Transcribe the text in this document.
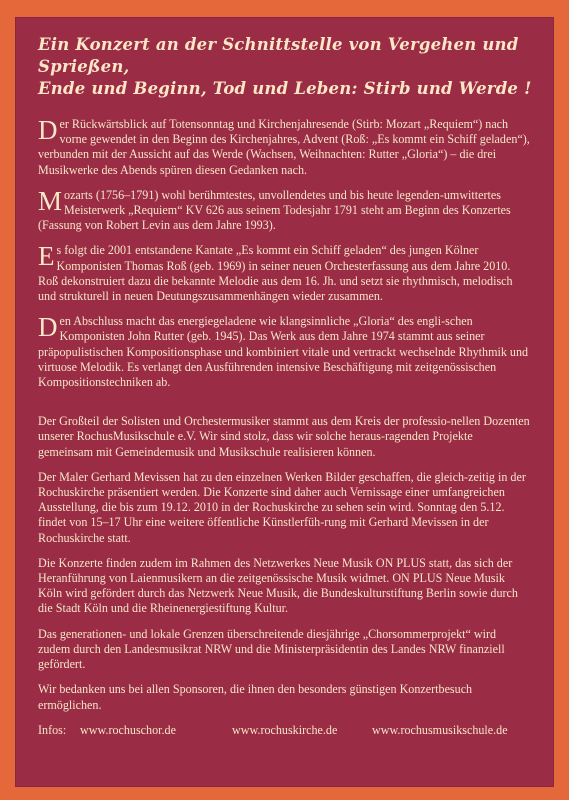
Ein Konzert an der Schnittstelle von Vergehen und Sprießen,
Ende und Beginn, Tod und Leben: Stirb und Werde !

Der Rückwärtsblick auf Totensonntag und Kirchenjahresende (Stirb: Mozart „Requiem“) nach vorne gewendet in den Beginn des Kirchenjahres, Advent (Roß: „Es kommt ein Schiff geladen“), verbunden mit der Aussicht auf das Werde (Wachsen, Weihnachten: Rutter „Gloria“) – die drei Musikwerke des Abends spüren diesen Gedanken nach.

Mozarts (1756–1791) wohl berühmtestes, unvollendetes und bis heute legenden-umwittertes Meisterwerk „Requiem“ KV 626 aus seinem Todesjahr 1791 steht am Beginn des Konzertes (Fassung von Robert Levin aus dem Jahre 1993).

Es folgt die 2001 entstandene Kantate „Es kommt ein Schiff geladen“ des jungen Kölner Komponisten Thomas Roß (geb. 1969) in seiner neuen Orchesterfassung aus dem Jahre 2010. Roß dekonstruiert dazu die bekannte Melodie aus dem 16. Jh. und setzt sie rhythmisch, melodisch und strukturell in neuen Deutungszusammenhängen wieder zusammen.

Den Abschluss macht das energiegeladene wie klangsinnliche „Gloria“ des engli-schen Komponisten John Rutter (geb. 1945). Das Werk aus dem Jahre 1974 stammt aus seiner präpopulistischen Kompositionsphase und kombiniert vitale und vertrackt wechselnde Rhythmik und virtuose Melodik. Es verlangt den Ausführenden intensive Beschäftigung mit zeitgenössischen Kompositionstechniken ab.

Der Großteil der Solisten und Orchestermusiker stammt aus dem Kreis der professio-nellen Dozenten unserer RochusMusikschule e.V. Wir sind stolz, dass wir solche heraus-ragenden Projekte gemeinsam mit Gemeindemusik und Musikschule realisieren können.

Der Maler Gerhard Mevissen hat zu den einzelnen Werken Bilder geschaffen, die gleich-zeitig in der Rochuskirche präsentiert werden. Die Konzerte sind daher auch Vernissage einer umfangreichen Ausstellung, die bis zum 19.12. 2010 in der Rochuskirche zu sehen sein wird. Sonntag den 5.12. findet von 15–17 Uhr eine weitere öffentliche Künstlerfüh-rung mit Gerhard Mevissen in der Rochuskirche statt.

Die Konzerte finden zudem im Rahmen des Netzwerkes Neue Musik ON PLUS statt, das sich der Heranführung von Laienmusikern an die zeitgenössische Musik widmet. ON PLUS Neue Musik Köln wird gefördert durch das Netzwerk Neue Musik, die Bundeskulturstiftung Berlin sowie durch die Stadt Köln und die Rheinenergiestiftung Kultur.

Das generationen- und lokale Grenzen überschreitende diesjährige „Chorsommerprojekt“ wird zudem durch den Landesmusikrat NRW und die Ministerpräsidentin des Landes NRW finanziell gefördert.

Wir bedanken uns bei allen Sponsoren, die ihnen den besonders günstigen Konzertbesuch ermöglichen.

Infos:	www.rochuschor.de	www.rochuskirche.de	www.rochusmusikschule.de
